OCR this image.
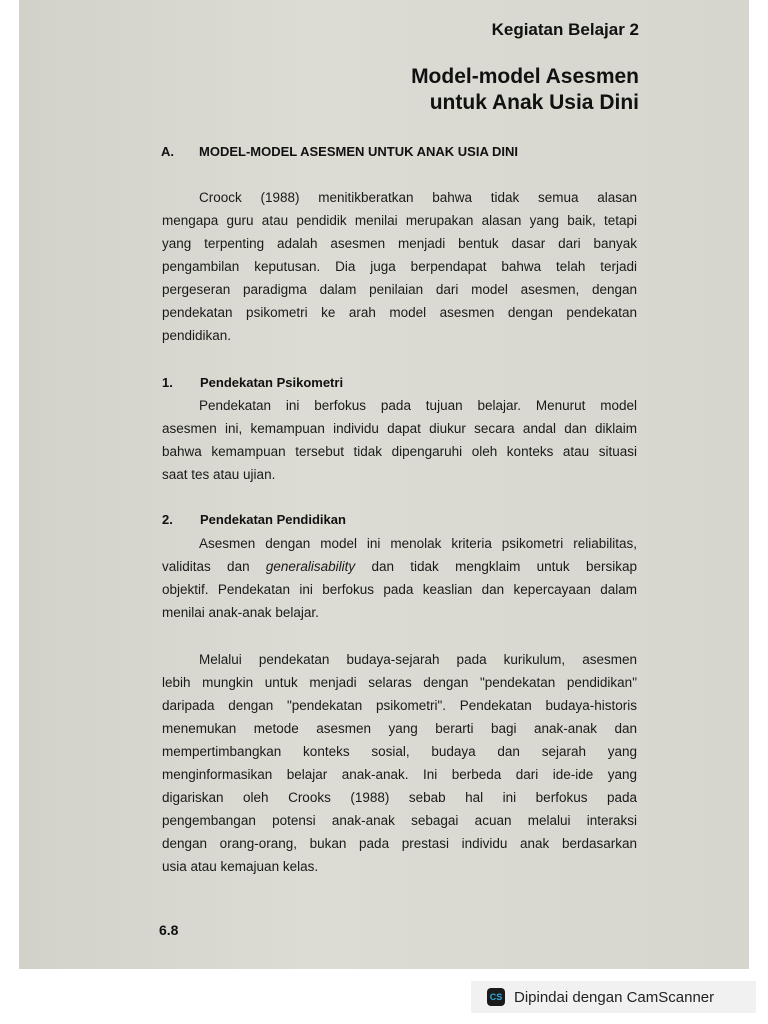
Kegiatan Belajar 2
Model-model Asesmen
untuk Anak Usia Dini
A. MODEL-MODEL ASESMEN UNTUK ANAK USIA DINI
Croock (1988) menitikberatkan bahwa tidak semua alasan
mengapa guru atau pendidik menilai merupakan alasan yang baik, tetapi
yang terpenting adalah asesmen menjadi bentuk dasar dari banyak
pengambilan keputusan. Dia juga berpendapat bahwa telah terjadi
pergeseran paradigma dalam penilaian dari model asesmen, dengan
pendekatan psikometri ke arah model asesmen dengan pendekatan
pendidikan.
1. Pendekatan Psikometri
Pendekatan ini berfokus pada tujuan belajar. Menurut model
asesmen ini, kemampuan individu dapat diukur secara andal dan diklaim
bahwa kemampuan tersebut tidak dipengaruhi oleh konteks atau situasi
saat tes atau ujian.
2. Pendekatan Pendidikan
Asesmen dengan model ini menolak kriteria psikometri reliabilitas,
validitas dan generalisability dan tidak mengklaim untuk bersikap
objektif. Pendekatan ini berfokus pada keaslian dan kepercayaan dalam
menilai anak-anak belajar.
Melalui pendekatan budaya-sejarah pada kurikulum, asesmen
lebih mungkin untuk menjadi selaras dengan "pendekatan pendidikan"
daripada dengan "pendekatan psikometri". Pendekatan budaya-historis
menemukan metode asesmen yang berarti bagi anak-anak dan
mempertimbangkan konteks sosial, budaya dan sejarah yang
menginformasikan belajar anak-anak. Ini berbeda dari ide-ide yang
digariskan oleh Crooks (1988) sebab hal ini berfokus pada
pengembangan potensi anak-anak sebagai acuan melalui interaksi
dengan orang-orang, bukan pada prestasi individu anak berdasarkan
usia atau kemajuan kelas.
6.8
CS Dipindai dengan CamScanner
